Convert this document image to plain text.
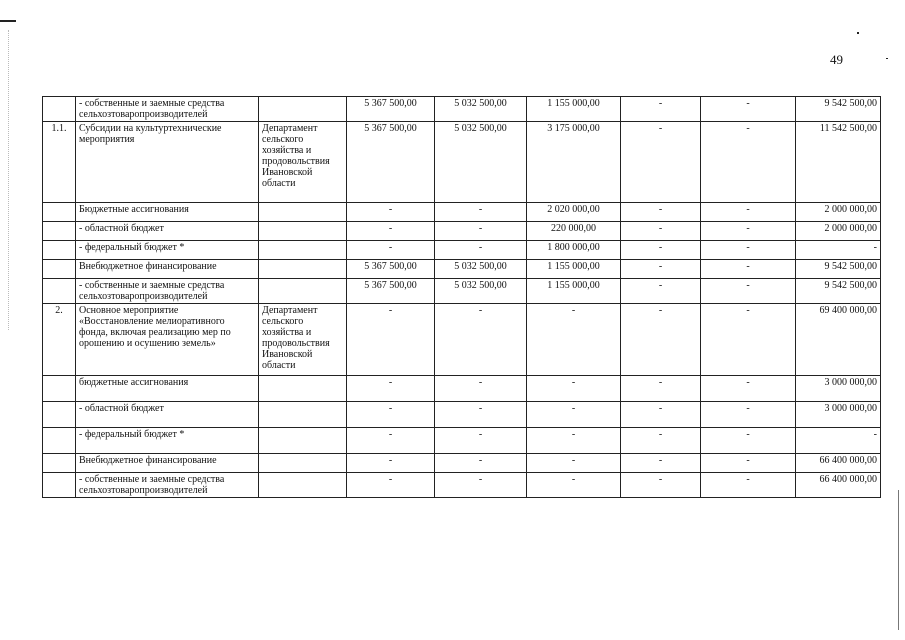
49
	- собственные и заемные средства сельхозтоваропроизводителей		5 367 500,00	5 032 500,00	1 155 000,00	-	-	9 542 500,00
1.1.	Субсидии на культуртехнические мероприятия	Департамент сельского хозяйства и продовольствия Ивановской области	5 367 500,00	5 032 500,00	3 175 000,00	-	-	11 542 500,00
	Бюджетные ассигнования		-	-	2 020 000,00	-	-	2 000 000,00
	- областной бюджет		-	-	220 000,00	-	-	2 000 000,00
	- федеральный бюджет *		-	-	1 800 000,00	-	-	-
	Внебюджетное финансирование		5 367 500,00	5 032 500,00	1 155 000,00	-	-	9 542 500,00
	- собственные и заемные средства сельхозтоваропроизводителей		5 367 500,00	5 032 500,00	1 155 000,00	-	-	9 542 500,00
2.	Основное мероприятие «Восстановление мелиоративного фонда, включая реализацию мер по орошению и осушению земель»	Департамент сельского хозяйства и продовольствия Ивановской области	-	-	-	-	-	69 400 000,00
	бюджетные ассигнования		-	-	-	-	-	3 000 000,00
	- областной бюджет		-	-	-	-	-	3 000 000,00
	- федеральный бюджет *		-	-	-	-	-	-
	Внебюджетное финансирование		-	-	-	-	-	66 400 000,00
	- собственные и заемные средства сельхозтоваропроизводителей		-	-	-	-	-	66 400 000,00
